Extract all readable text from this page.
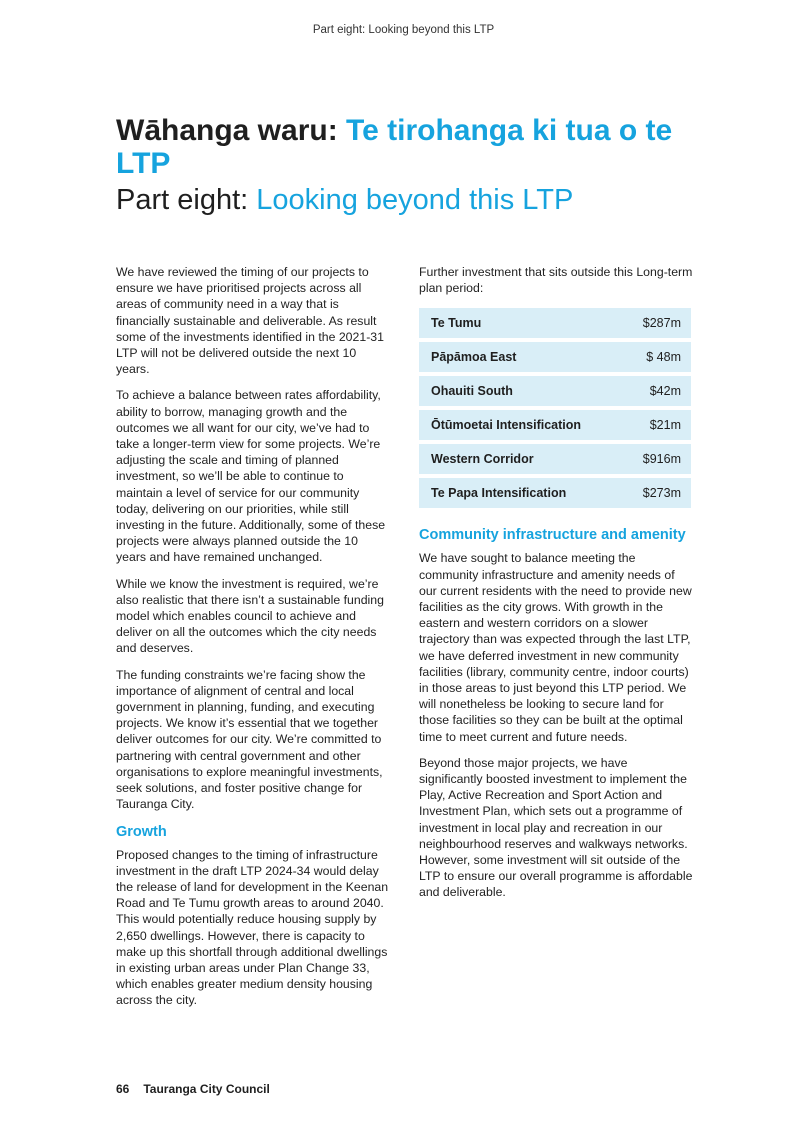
Part eight: Looking beyond this LTP
Wāhanga waru: Te tirohanga ki tua o te LTP
Part eight: Looking beyond this LTP

We have reviewed the timing of our projects to ensure we have prioritised projects across all areas of community need in a way that is financially sustainable and deliverable. As result some of the investments identified in the 2021-31 LTP will not be delivered outside the next 10 years.

To achieve a balance between rates affordability, ability to borrow, managing growth and the outcomes we all want for our city, we’ve had to take a longer-term view for some projects. We’re adjusting the scale and timing of planned investment, so we’ll be able to continue to maintain a level of service for our community today, delivering on our priorities, while still investing in the future. Additionally, some of these projects were always planned outside the 10 years and have remained unchanged.

While we know the investment is required, we’re also realistic that there isn’t a sustainable funding model which enables council to achieve and deliver on all the outcomes which the city needs and deserves.

The funding constraints we’re facing show the importance of alignment of central and local government in planning, funding, and executing projects. We know it’s essential that we together deliver outcomes for our city. We’re committed to partnering with central government and other organisations to explore meaningful investments, seek solutions, and foster positive change for Tauranga City.

Growth

Proposed changes to the timing of infrastructure investment in the draft LTP 2024-34 would delay the release of land for development in the Keenan Road and Te Tumu growth areas to around 2040. This would potentially reduce housing supply by 2,650 dwellings. However, there is capacity to make up this shortfall through additional dwellings in existing urban areas under Plan Change 33, which enables greater medium density housing across the city.

Further investment that sits outside this Long-term plan period:

Te Tumu	$287m
Pāpāmoa East	$ 48m
Ohauiti South	$42m
Ōtūmoetai Intensification	$21m
Western Corridor	$916m
Te Papa Intensification	$273m
Community infrastructure and amenity

We have sought to balance meeting the community infrastructure and amenity needs of our current residents with the need to provide new facilities as the city grows. With growth in the eastern and western corridors on a slower trajectory than was expected through the last LTP, we have deferred investment in new community facilities (library, community centre, indoor courts) in those areas to just beyond this LTP period. We will nonetheless be looking to secure land for those facilities so they can be built at the optimal time to meet current and future needs.

Beyond those major projects, we have significantly boosted investment to implement the Play, Active Recreation and Sport Action and Investment Plan, which sets out a programme of investment in local play and recreation in our neighbourhood reserves and walkways networks. However, some investment will sit outside of the LTP to ensure our overall programme is affordable and deliverable.

66 Tauranga City Council
